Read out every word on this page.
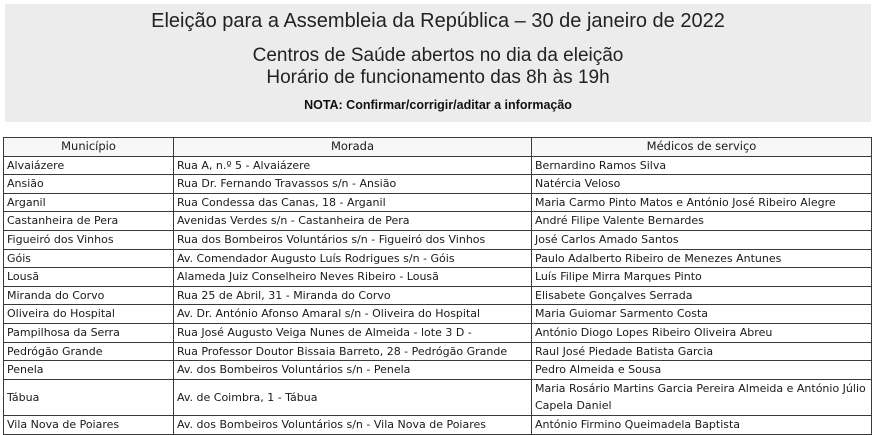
Eleição para a Assembleia da República – 30 de janeiro de 2022
Centros de Saúde abertos no dia da eleição
Horário de funcionamento das 8h às 19h
NOTA: Confirmar/corrigir/aditar a informação
Município	Morada	Médicos de serviço
Alvaiázere	Rua A, n.º 5 - Alvaiázere	Bernardino Ramos Silva
Ansião	Rua Dr. Fernando Travassos s/n - Ansião	Natércia Veloso
Arganil	Rua Condessa das Canas, 18 - Arganil	Maria Carmo Pinto Matos e António José Ribeiro Alegre
Castanheira de Pera	Avenidas Verdes s/n - Castanheira de Pera	André Filipe Valente Bernardes
Figueiró dos Vinhos	Rua dos Bombeiros Voluntários s/n - Figueiró dos Vinhos	José Carlos Amado Santos
Góis	Av. Comendador Augusto Luís Rodrigues s/n - Góis	Paulo Adalberto Ribeiro de Menezes Antunes
Lousã	Alameda Juiz Conselheiro Neves Ribeiro - Lousã	Luís Filipe Mirra Marques Pinto
Miranda do Corvo	Rua 25 de Abril, 31 - Miranda do Corvo	Elisabete Gonçalves Serrada
Oliveira do Hospital	Av. Dr. António Afonso Amaral s/n - Oliveira do Hospital	Maria Guiomar Sarmento Costa
Pampilhosa da Serra	Rua José Augusto Veiga Nunes de Almeida - lote 3 D -	António Diogo Lopes Ribeiro Oliveira Abreu
Pedrógão Grande	Rua Professor Doutor Bissaia Barreto, 28 - Pedrógão Grande	Raul José Piedade Batista Garcia
Penela	Av. dos Bombeiros Voluntários s/n - Penela	Pedro Almeida e Sousa
Tábua	Av. de Coimbra, 1 - Tábua	Maria Rosário Martins Garcia Pereira Almeida e António Júlio Capela Daniel
Vila Nova de Poiares	Av. dos Bombeiros Voluntários s/n - Vila Nova de Poiares	António Firmino Queimadela Baptista
